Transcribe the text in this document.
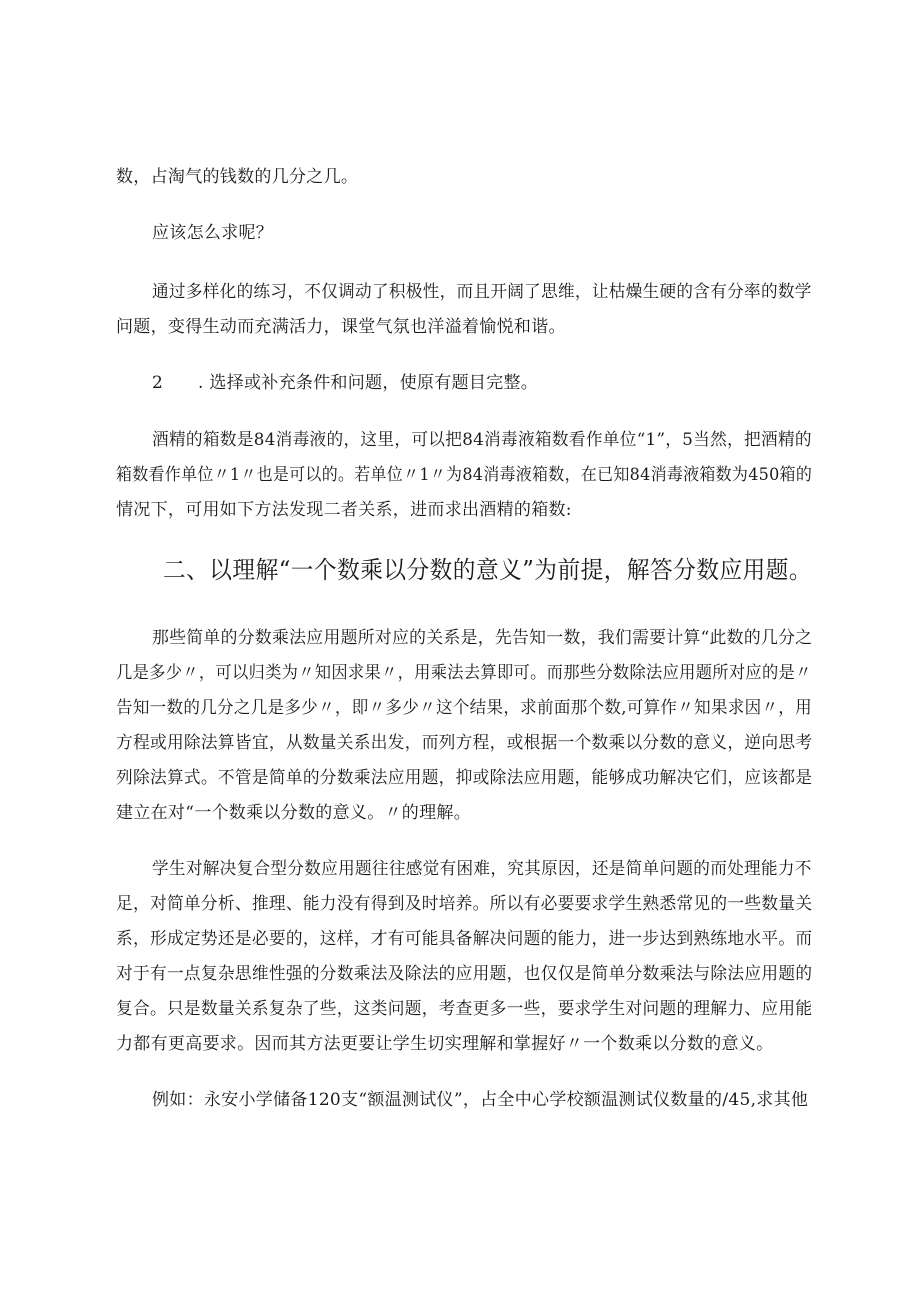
数，占淘气的钱数的几分之几。
应该怎么求呢？
通过多样化的练习，不仅调动了积极性，而且开阔了思维，让枯燥生硬的含有分率的数学
问题，变得生动而充满活力，课堂气氛也洋溢着愉悦和谐。
2 . 选择或补充条件和问题，使原有题目完整。
酒精的箱数是84消毒液的，这里，可以把84消毒液箱数看作单位“1”，5当然，把酒精的
箱数看作单位〃1〃也是可以的。若单位〃1〃为84消毒液箱数，在已知84消毒液箱数为450箱的
情况下，可用如下方法发现二者关系，进而求出酒精的箱数:
二、以理解“一个数乘以分数的意义”为前提，解答分数应用题。
那些简单的分数乘法应用题所对应的关系是，先告知一数，我们需要计算“此数的几分之
几是多少〃，可以归类为〃知因求果〃，用乘法去算即可。而那些分数除法应用题所对应的是〃
告知一数的几分之几是多少〃，即〃多少〃这个结果，求前面那个数,可算作〃知果求因〃，用
方程或用除法算皆宜，从数量关系出发，而列方程，或根据一个数乘以分数的意义，逆向思考
列除法算式。不管是简单的分数乘法应用题，抑或除法应用题，能够成功解决它们，应该都是
建立在对“一个数乘以分数的意义。〃的理解。
学生对解决复合型分数应用题往往感觉有困难，究其原因，还是简单问题的而处理能力不
足，对简单分析、推理、能力没有得到及时培养。所以有必要要求学生熟悉常见的一些数量关
系，形成定势还是必要的，这样，才有可能具备解决问题的能力，进一步达到熟练地水平。而
对于有一点复杂思维性强的分数乘法及除法的应用题，也仅仅是简单分数乘法与除法应用题的
复合。只是数量关系复杂了些，这类问题，考查更多一些，要求学生对问题的理解力、应用能
力都有更高要求。因而其方法更要让学生切实理解和掌握好〃一个数乘以分数的意义。
例如：永安小学储备120支“额温测试仪”，占全中心学校额温测试仪数量的/45,求其他
